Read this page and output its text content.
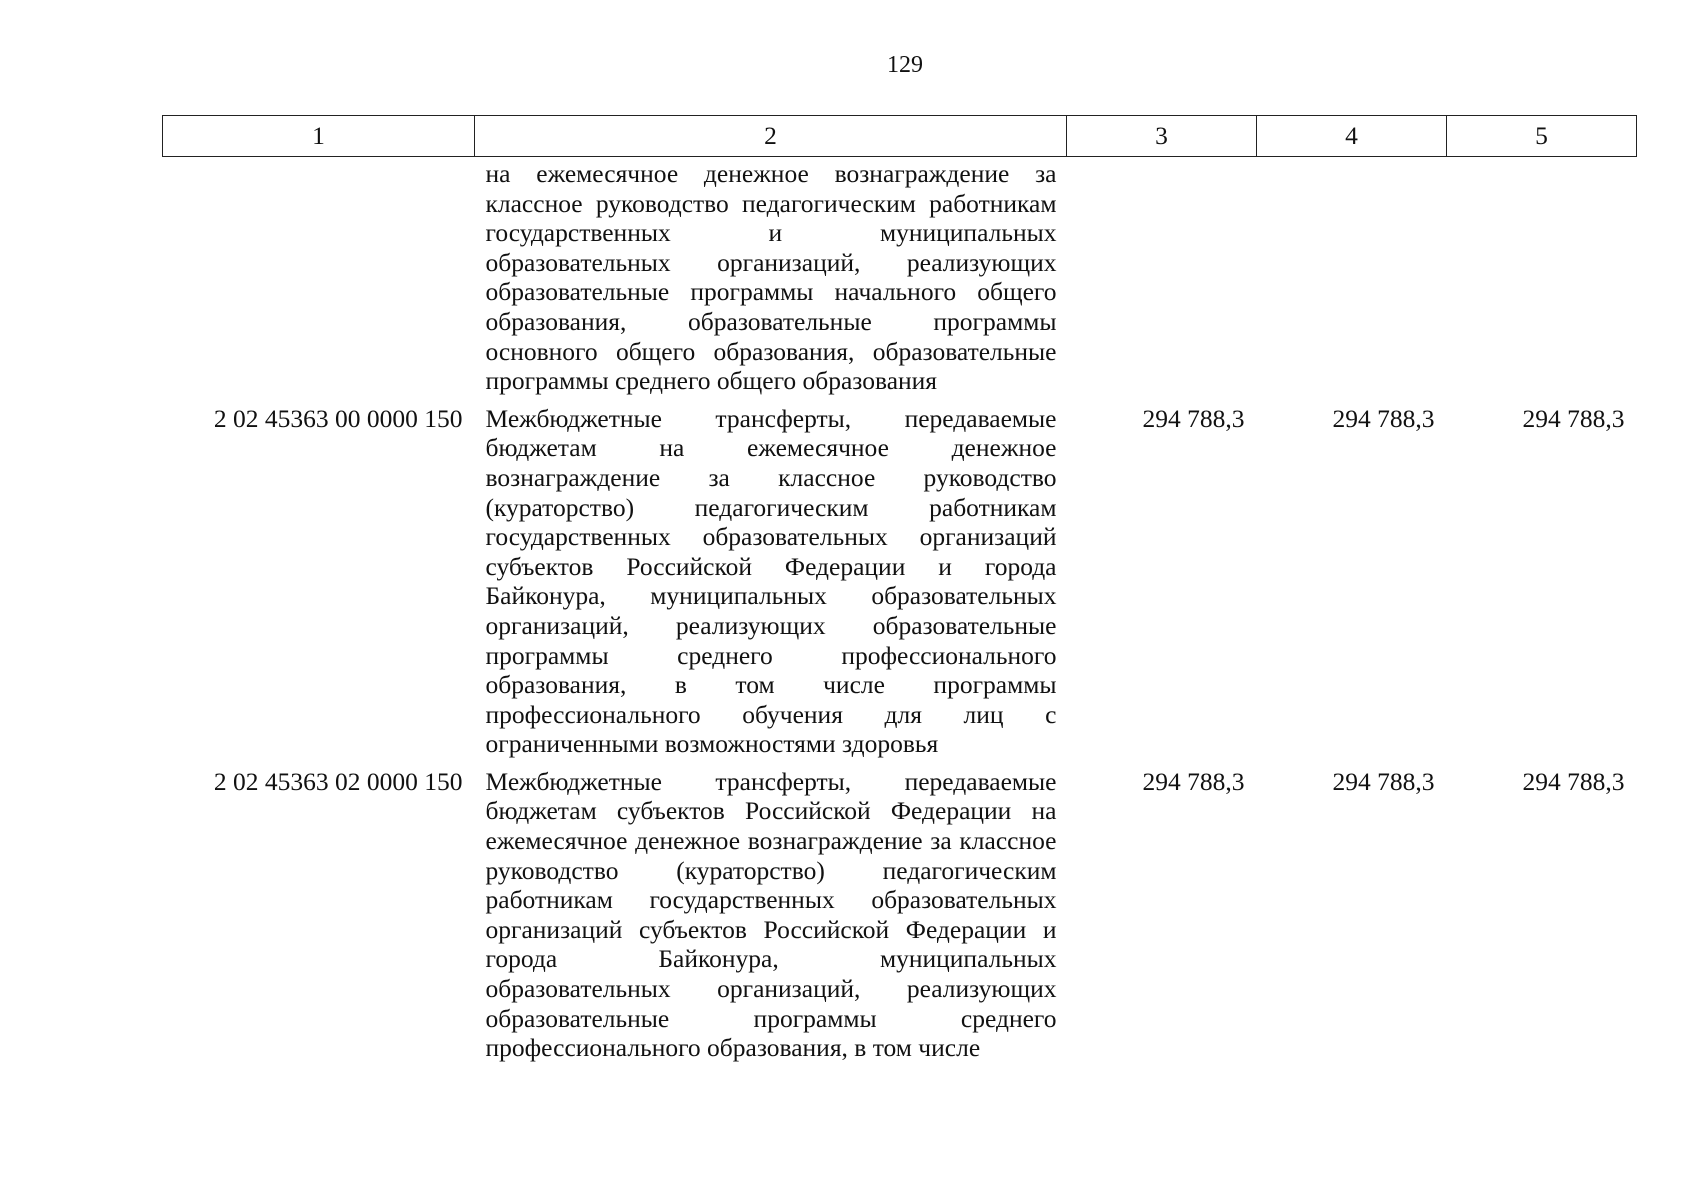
129
1	2	3	4	5
	на ежемесячное денежное вознаграждение за классное руководство педагогическим работникам государственных и муниципальных образовательных организаций, реализующих образовательные программы начального общего образования, образовательные программы основного общего образования, образовательные программы среднего общего образования			
2 02 45363 00 0000 150	Межбюджетные трансферты, передаваемые бюджетам на ежемесячное денежное вознаграждение за классное руководство (кураторство) педагогическим работникам государственных образовательных организаций субъектов Российской Федерации и города Байконура, муниципальных образовательных организаций, реализующих образовательные программы среднего профессионального образования, в том числе программы профессионального обучения для лиц с ограниченными возможностями здоровья	294 788,3	294 788,3	294 788,3
2 02 45363 02 0000 150	Межбюджетные трансферты, передаваемые бюджетам субъектов Российской Федерации на ежемесячное денежное вознаграждение за классное руководство (кураторство) педагогическим работникам государственных образовательных организаций субъектов Российской Федерации и города Байконура, муниципальных образовательных организаций, реализующих образовательные программы среднего профессионального образования, в том числе	294 788,3	294 788,3	294 788,3
